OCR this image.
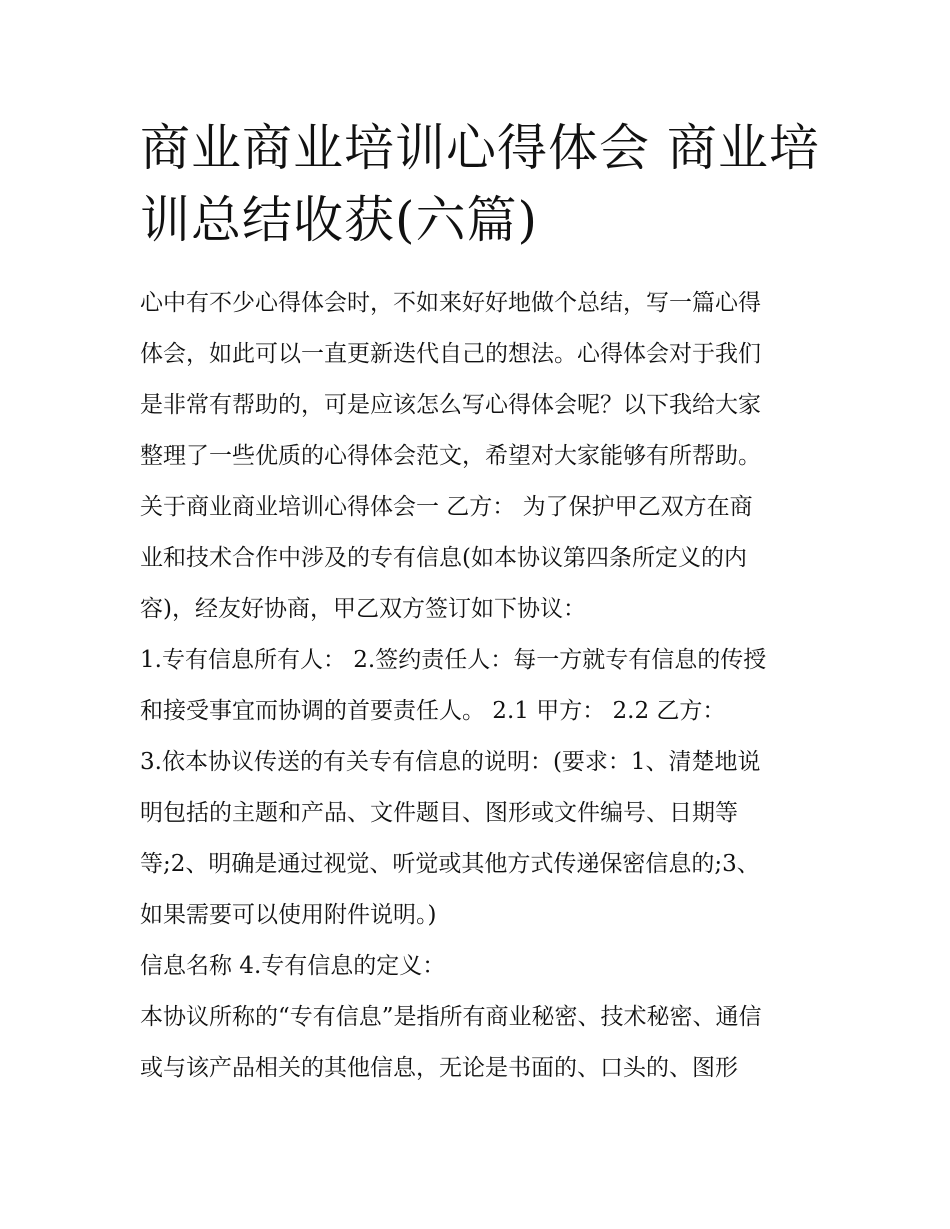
商业商业培训心得体会 商业培
训总结收获(六篇)

心中有不少心得体会时，不如来好好地做个总结，写一篇心得
体会，如此可以一直更新迭代自己的想法。心得体会对于我们
是非常有帮助的，可是应该怎么写心得体会呢？以下我给大家
整理了一些优质的心得体会范文，希望对大家能够有所帮助。

关于商业商业培训心得体会一 乙方： 为了保护甲乙双方在商
业和技术合作中涉及的专有信息(如本协议第四条所定义的内
容)，经友好协商，甲乙双方签订如下协议：

1.专有信息所有人： 2.签约责任人：每一方就专有信息的传授
和接受事宜而协调的首要责任人。 2.1 甲方： 2.2 乙方：

3.依本协议传送的有关专有信息的说明：(要求：1、清楚地说
明包括的主题和产品、文件题目、图形或文件编号、日期等
等;2、明确是通过视觉、听觉或其他方式传递保密信息的;3、
如果需要可以使用附件说明。)

信息名称 4.专有信息的定义：

本协议所称的“专有信息”是指所有商业秘密、技术秘密、通信
或与该产品相关的其他信息，无论是书面的、口头的、图形
